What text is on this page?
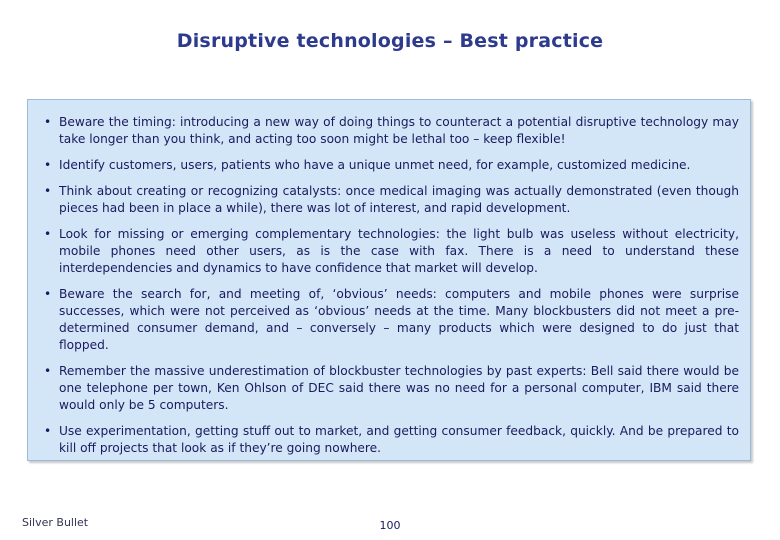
Disruptive technologies – Best practice
• Beware the timing: introducing a new way of doing things to counteract a potential disruptive technology may take longer than you think, and acting too soon might be lethal too – keep flexible!
• Identify customers, users, patients who have a unique unmet need, for example, customized medicine.
• Think about creating or recognizing catalysts: once medical imaging was actually demonstrated (even though pieces had been in place a while), there was lot of interest, and rapid development.
• Look for missing or emerging complementary technologies: the light bulb was useless without electricity, mobile phones need other users, as is the case with fax. There is a need to understand these interdependencies and dynamics to have confidence that market will develop.
• Beware the search for, and meeting of, ‘obvious’ needs: computers and mobile phones were surprise successes, which were not perceived as ‘obvious’ needs at the time. Many blockbusters did not meet a pre-determined consumer demand, and – conversely – many products which were designed to do just that flopped.
• Remember the massive underestimation of blockbuster technologies by past experts: Bell said there would be one telephone per town, Ken Ohlson of DEC said there was no need for a personal computer, IBM said there would only be 5 computers.
• Use experimentation, getting stuff out to market, and getting consumer feedback, quickly. And be prepared to kill off projects that look as if they’re going nowhere.
Silver Bullet	100
